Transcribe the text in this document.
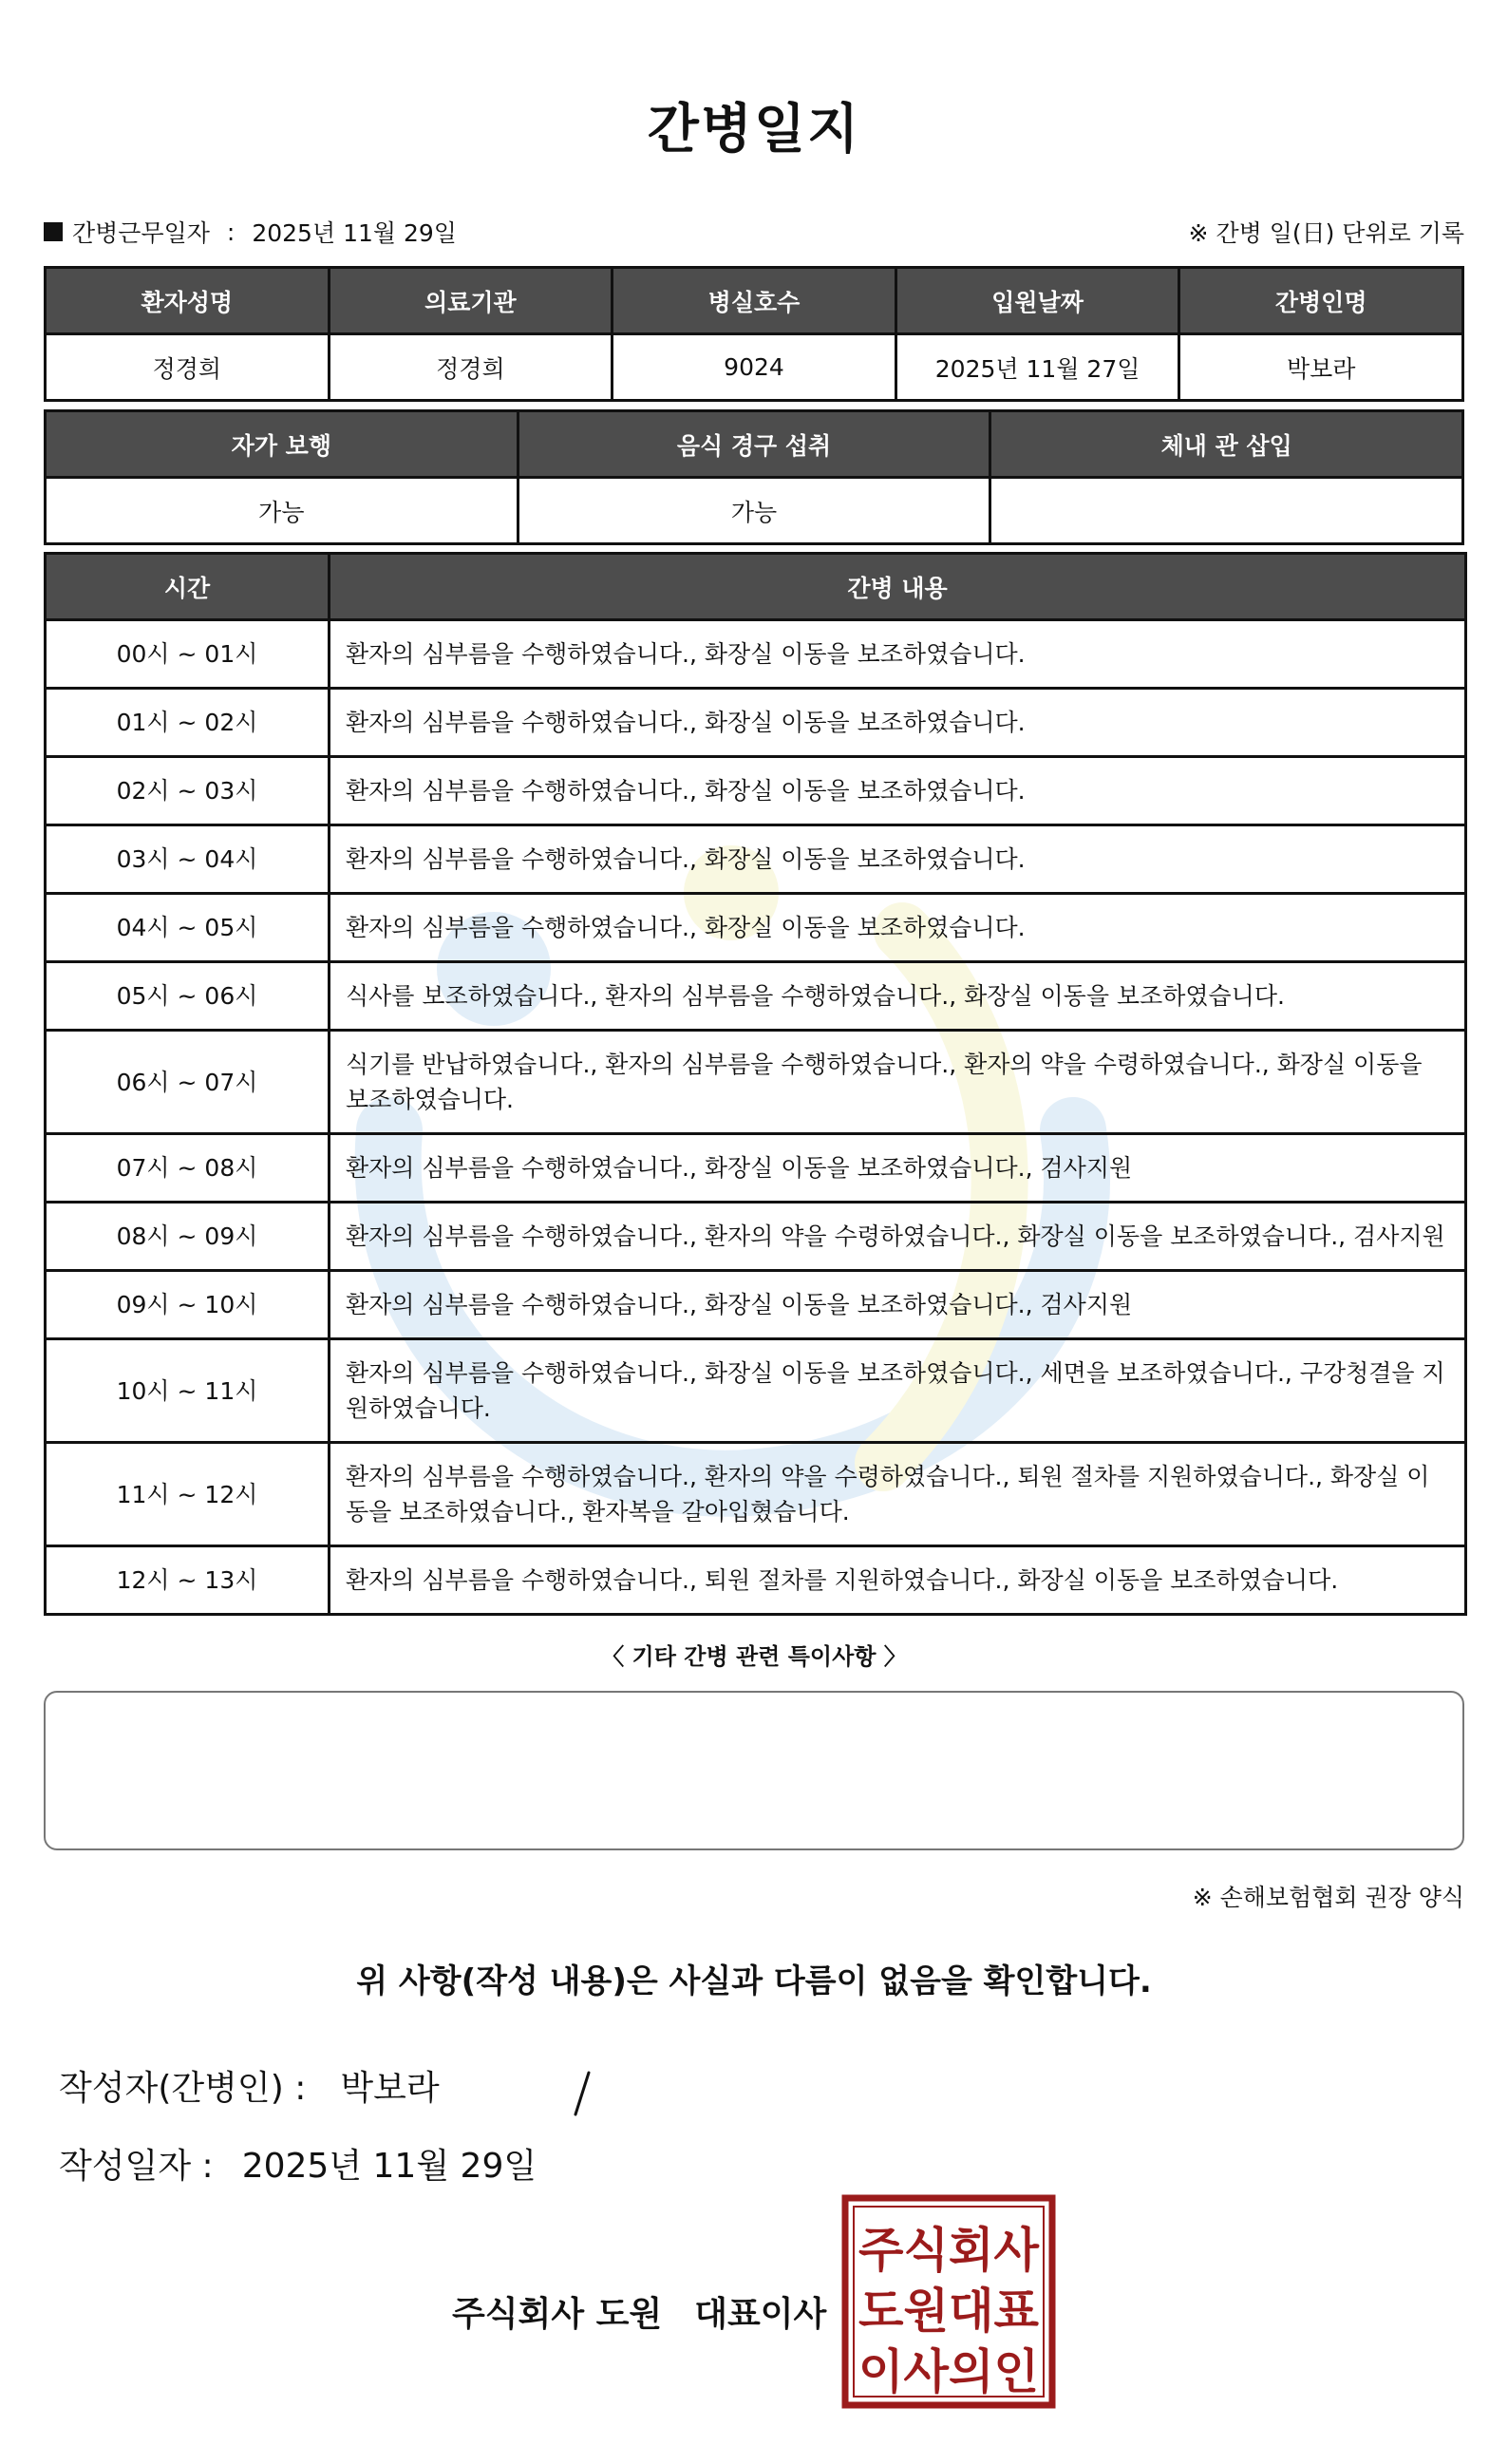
간병일지
간병근무일자 : 2025년 11월 29일	※ 간병 일(日) 단위로 기록
환자성명	의료기관	병실호수	입원날짜	간병인명
정경희	정경희	9024	2025년 11월 27일	박보라
자가 보행	음식 경구 섭취	체내 관 삽입
가능	가능	
시간	간병 내용
00시 ~ 01시	환자의 심부름을 수행하였습니다., 화장실 이동을 보조하였습니다.
01시 ~ 02시	환자의 심부름을 수행하였습니다., 화장실 이동을 보조하였습니다.
02시 ~ 03시	환자의 심부름을 수행하였습니다., 화장실 이동을 보조하였습니다.
03시 ~ 04시	환자의 심부름을 수행하였습니다., 화장실 이동을 보조하였습니다.
04시 ~ 05시	환자의 심부름을 수행하였습니다., 화장실 이동을 보조하였습니다.
05시 ~ 06시	식사를 보조하였습니다., 환자의 심부름을 수행하였습니다., 화장실 이동을 보조하였습니다.
06시 ~ 07시	식기를 반납하였습니다., 환자의 심부름을 수행하였습니다., 환자의 약을 수령하였습니다., 화장실 이동을 보조하였습니다.
07시 ~ 08시	환자의 심부름을 수행하였습니다., 화장실 이동을 보조하였습니다., 검사지원
08시 ~ 09시	환자의 심부름을 수행하였습니다., 환자의 약을 수령하였습니다., 화장실 이동을 보조하였습니다., 검사지원
09시 ~ 10시	환자의 심부름을 수행하였습니다., 화장실 이동을 보조하였습니다., 검사지원
10시 ~ 11시	환자의 심부름을 수행하였습니다., 화장실 이동을 보조하였습니다., 세면을 보조하였습니다., 구강청결을 지원하였습니다.
11시 ~ 12시	환자의 심부름을 수행하였습니다., 환자의 약을 수령하였습니다., 퇴원 절차를 지원하였습니다., 화장실 이동을 보조하였습니다., 환자복을 갈아입혔습니다.
12시 ~ 13시	환자의 심부름을 수행하였습니다., 퇴원 절차를 지원하였습니다., 화장실 이동을 보조하였습니다.
〈 기타 간병 관련 특이사항 〉
※ 손해보험협회 권장 양식
위 사항(작성 내용)은 사실과 다름이 없음을 확인합니다.
작성자(간병인) : 박보라
작성일자 : 2025년 11월 29일
주식회사 도원 대표이사
주식회사
도원대표
이사의인
